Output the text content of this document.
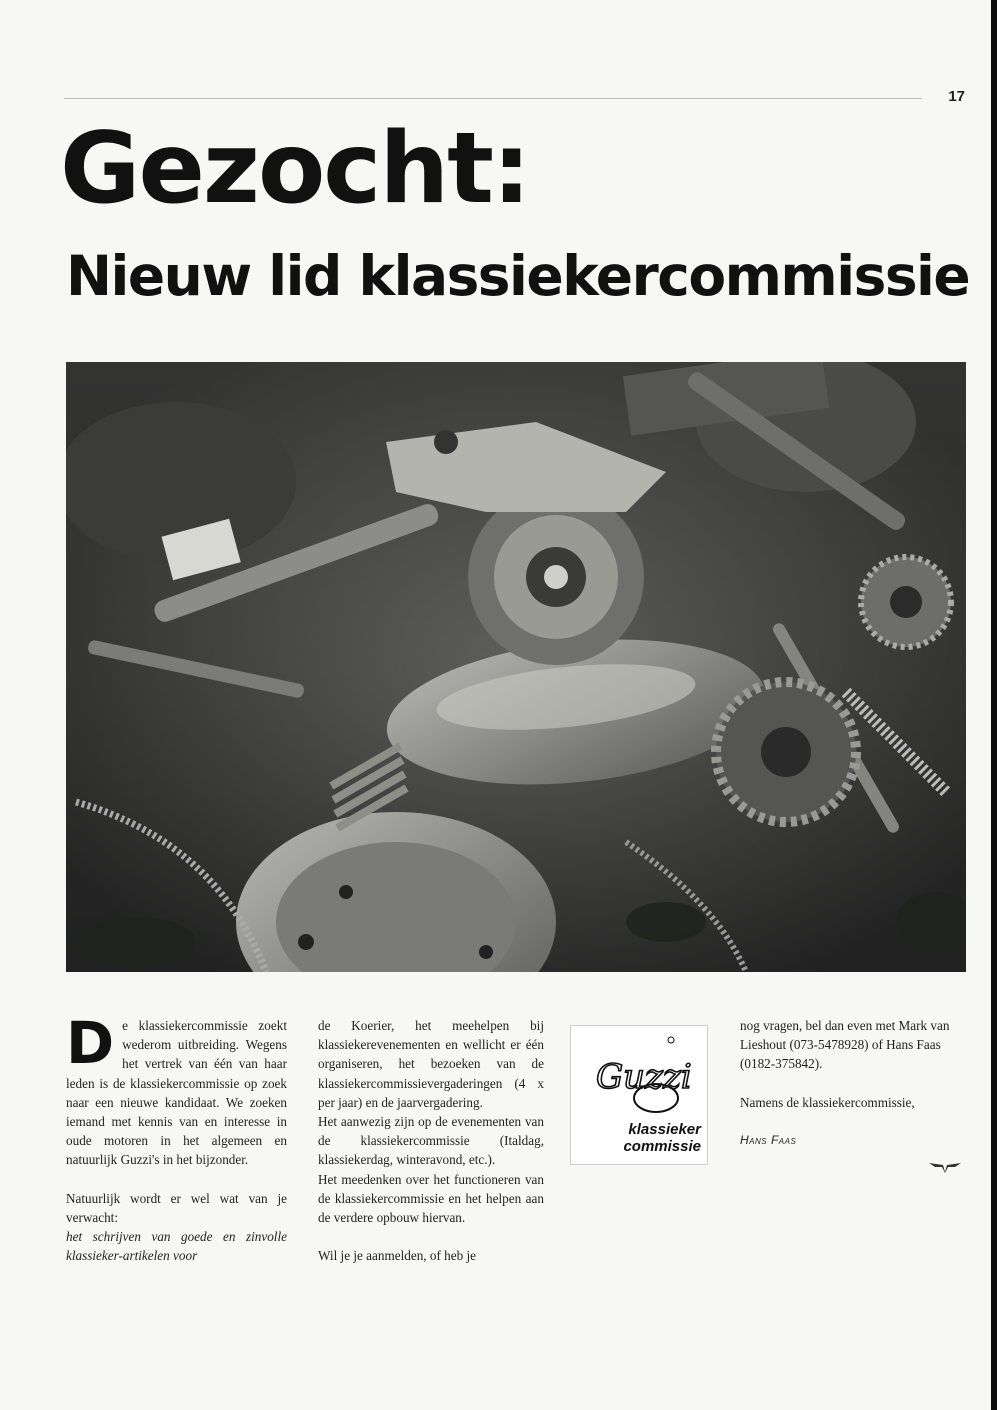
17
Gezocht:
Nieuw lid klassiekercommissie

De klassiekercommissie zoekt wederom uitbreiding. Wegens het vertrek van één van haar leden is de klassiekercommissie op zoek naar een nieuwe kandidaat. We zoeken iemand met kennis van en interesse in oude motoren in het algemeen en natuurlijk Guzzi's in het bijzonder.

Natuurlijk wordt er wel wat van je verwacht:
het schrijven van goede en zinvolle klassieker-artikelen voor

de Koerier, het meehelpen bij klassiekerevenementen en wellicht er één organiseren, het bezoeken van de klassiekercommissievergaderingen (4 x per jaar) en de jaarvergadering.

Het aanwezig zijn op de evenementen van de klassiekercommissie (Italdag, klassiekerdag, winteravond, etc.).

Het meedenken over het functioneren van de klassiekercommissie en het helpen aan de verdere opbouw hiervan.

Wil je je aanmelden, of heb je

Guzzi
klassieker
commissie

nog vragen, bel dan even met Mark van Lieshout (073-5478928) of Hans Faas (0182-375842).

Namens de klassiekercommissie,

Hans Faas
